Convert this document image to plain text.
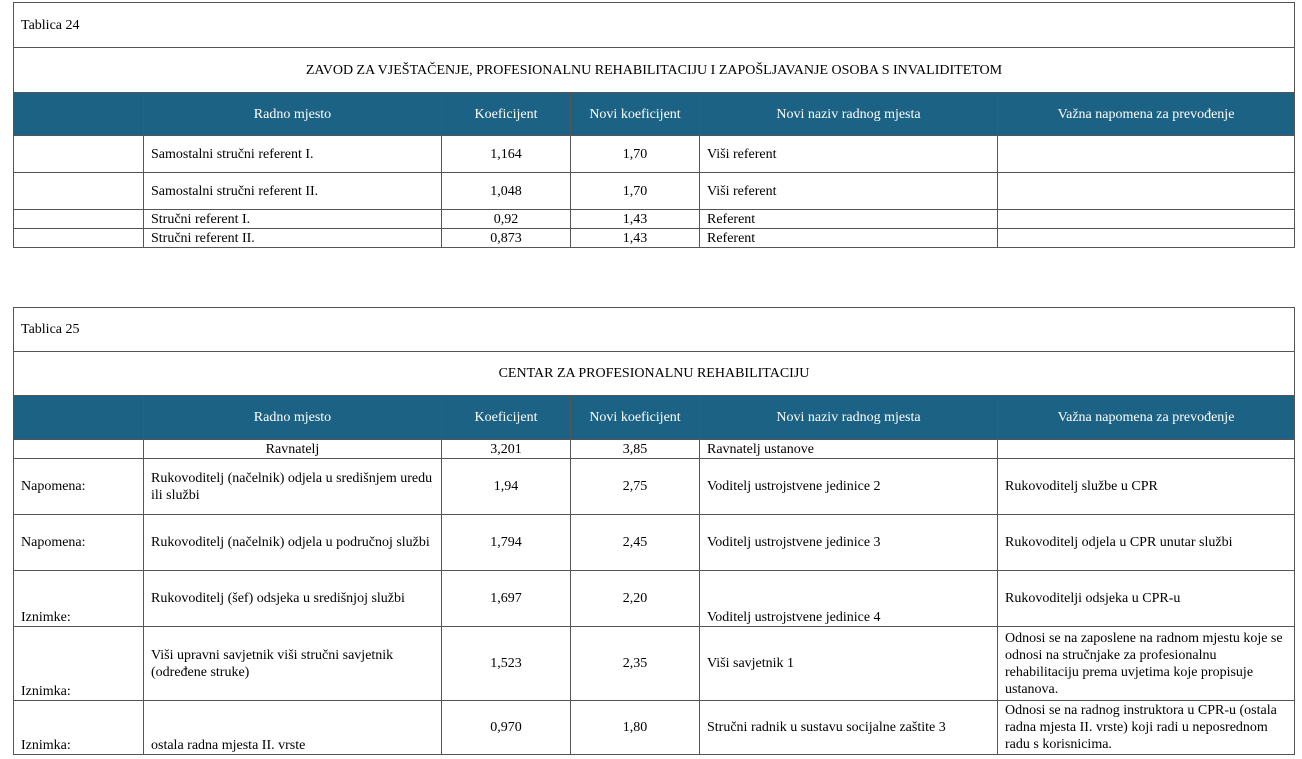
Tablica 24					
ZAVOD ZA VJEŠTAČENJE, PROFESIONALNU REHABILITACIJU I ZAPOŠLJAVANJE OSOBA S INVALIDITETOM					
	Radno mjesto	Koeficijent	Novi koeficijent	Novi naziv radnog mjesta	Važna napomena za prevođenje
	Samostalni stručni referent I.	1,164	1,70	Viši referent	
	Samostalni stručni referent II.	1,048	1,70	Viši referent	
	Stručni referent I.	0,92	1,43	Referent	
	Stručni referent II.	0,873	1,43	Referent	
Tablica 25					
CENTAR ZA PROFESIONALNU REHABILITACIJU					
	Radno mjesto	Koeficijent	Novi koeficijent	Novi naziv radnog mjesta	Važna napomena za prevođenje
	Ravnatelj	3,201	3,85	Ravnatelj ustanove	
Napomena:	Rukovoditelj (načelnik) odjela u središnjem uredu ili službi	1,94	2,75	Voditelj ustrojstvene jedinice 2	Rukovoditelj službe u CPR
Napomena:	Rukovoditelj (načelnik) odjela u područnoj službi	1,794	2,45	Voditelj ustrojstvene jedinice 3	Rukovoditelj odjela u CPR unutar službi
Iznimke:	Rukovoditelj (šef) odsjeka u središnjoj službi	1,697	2,20	Voditelj ustrojstvene jedinice 4	Rukovoditelji odsjeka u CPR-u
Iznimka:	Viši upravni savjetnik viši stručni savjetnik (određene struke)	1,523	2,35	Viši savjetnik 1	Odnosi se na zaposlene na radnom mjestu koje se odnosi na stručnjake za profesionalnu rehabilitaciju prema uvjetima koje propisuje ustanova.
Iznimka:	ostala radna mjesta II. vrste	0,970	1,80	Stručni radnik u sustavu socijalne zaštite 3	Odnosi se na radnog instruktora u CPR-u (ostala radna mjesta II. vrste) koji radi u neposrednom radu s korisnicima.
